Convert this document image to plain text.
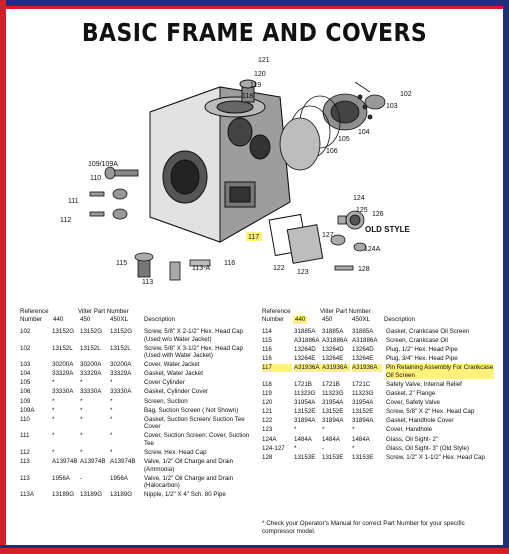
BASIC FRAME AND COVERS
121
120
119
118	102
103
104
105
106
109/109A
110
111
112
115
113
113-A
116
117
124
125
126
OLD STYLE
127
124A
122
123	128
Reference
Number
Vilter Part Number
440	450	450XL	Description
102	13152G 13152G	13152G	Screw, 5/8" X 2-1/2" Hex. Head Cap (Used w/o Water Jacket)
102	13152L	13152L	13152L	Screw, 5/8" X 3-1/2" Hex. Head Cap (Used with Water Jacket)
103	30200A	30200A	30200A	Cover, Water Jacket
104	33329A	33329A	33329A	Gasket, Water Jacket
105	*	*	*	Cover Cylinder
106	33330A	33330A	33330A	Gasket, Cylinder Cover
109	*	*	*	Screen, Suction
109A	*	*	*	Bag, Suction Screen ( Not Shown)
110	*	*	*	Gasket, Suction Screen/ Suction Tee Cover
111	*	*	*	Cover, Suction Screen; Cover, Suction Tee
112	*	*	*	Screw, Hex. Head Cap
113	A13974B A13974B A13974B	Valve, 1/2" Oil Charge and Drain (Ammonia)
113	1956A	-	1956A	Valve, 1/2" Oil Charge and Drain (Halocarbon)
113A	13189G 13189G	13189G	Nipple, 1/2" X 4" Sch. 80 Pipe
Reference
Number
Vilter Part Number
440	450	450XL Description
114	31885A	31885A	31885A	Gasket, Crankcase Oil Screen
115	A31886A A31886A A31886A	Screen, Crankcase Oil
116	13264D	13264D	13264D	Plug, 1/2" Hex. Head Pipe
116	13264E	13264E	13264E	Plug, 3/4" Hex. Head Pipe
117	A31936A A31936A A31936A	Pin Retaining Assembly For Crankcase Oil Screen
118	1721B	1721B	1721C	Safety Valve, Internal Relief
119	11323G	11323G	11323G	Gasket, 2" Flange
120	31954A	31954A	31954A	Cover, Safety Valve
121	13152E	13152E	13152E	Screw, 5/8" X 2" Hex. Head Cap
122	31894A	31894A	31894A	Gasket, Handhole Cover
123	*	*	*	Cover, Handhole
124A	1484A	1484A	1484A	Glass, Oil Sight- 2"
124-127	*	-	*	Glass, Oil Sight- 3" (Old Style)
128	13153E	13153E	13153E	Screw, 1/2" X 1-1/2" Hex. Head Cap
* Check your Operator's Manual for correct Part Number for your specific compressor model.
